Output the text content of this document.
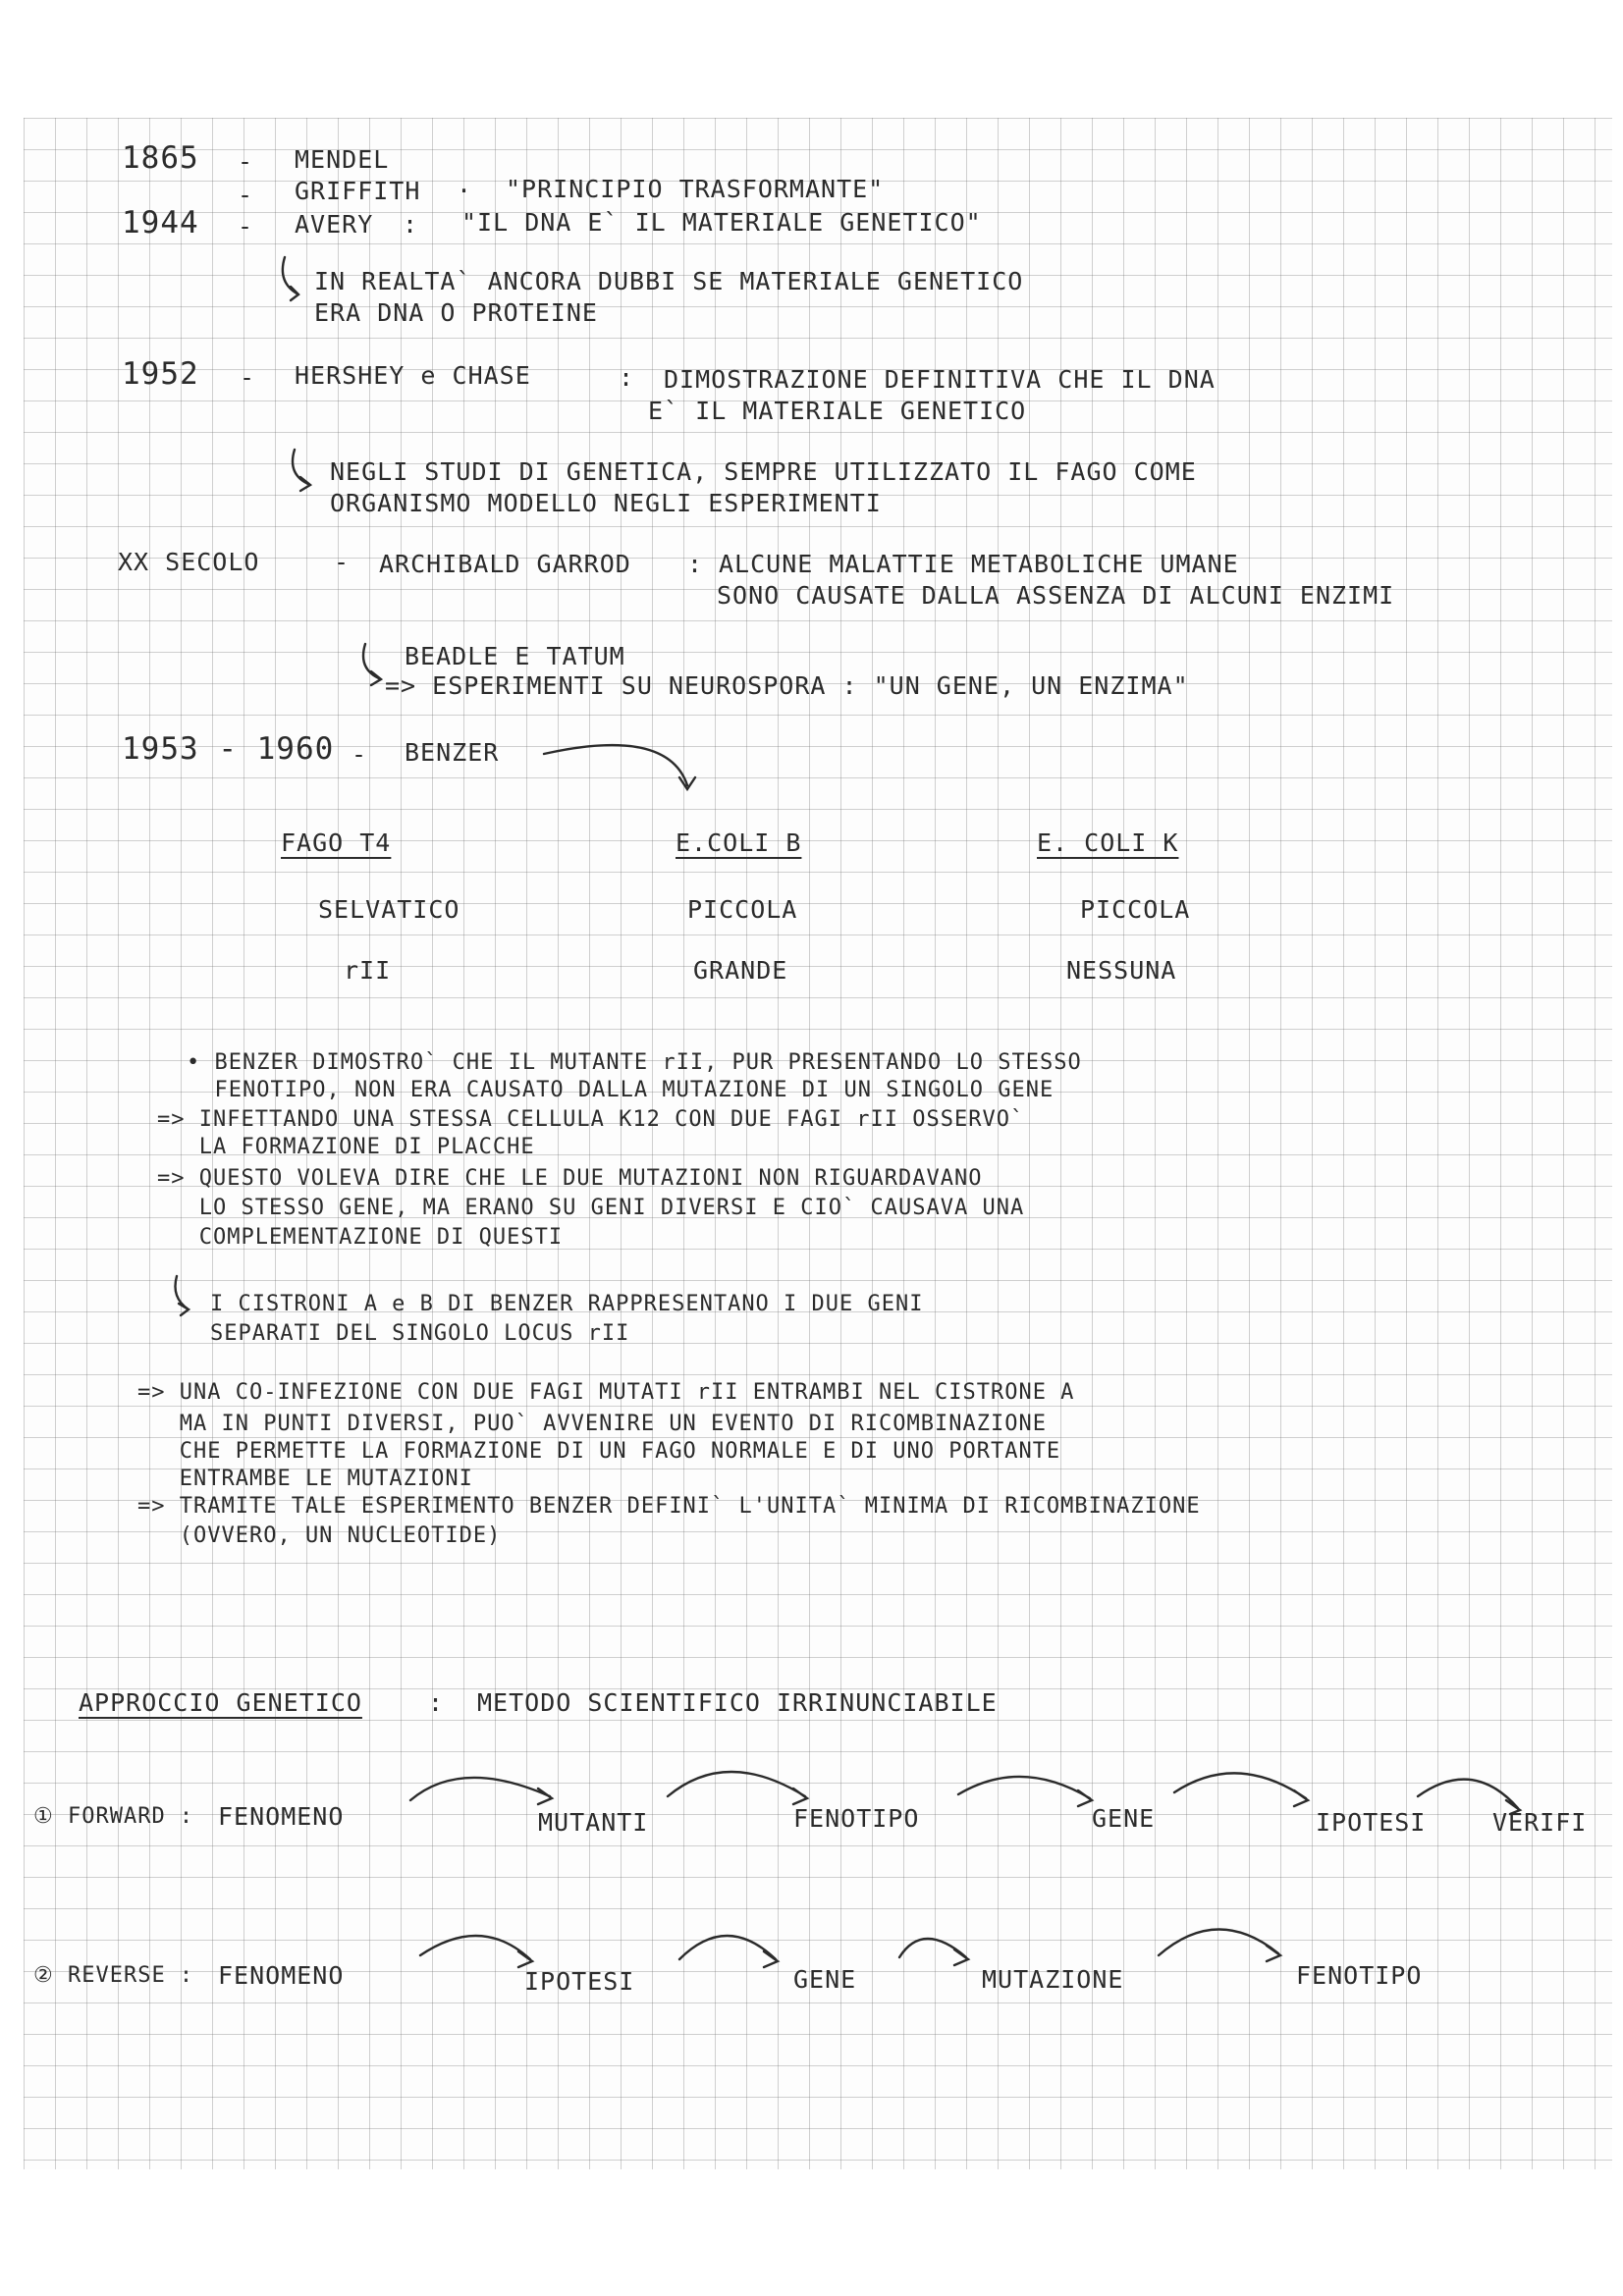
1865 - MENDEL
- GRIFFITH · "PRINCIPIO TRASFORMANTE"
1944 - AVERY : "IL DNA E` IL MATERIALE GENETICO"
IN REALTA` ANCORA DUBBI SE MATERIALE GENETICO
ERA DNA O PROTEINE
1952 - HERSHEY e CHASE	: DIMOSTRAZIONE DEFINITIVA CHE IL DNA
E` IL MATERIALE GENETICO
NEGLI STUDI DI GENETICA, SEMPRE UTILIZZATO IL FAGO COME
ORGANISMO MODELLO NEGLI ESPERIMENTI
XX SECOLO	- ARCHIBALD GARROD : ALCUNE MALATTIE METABOLICHE UMANE
SONO CAUSATE DALLA ASSENZA DI ALCUNI ENZIMI
BEADLE E TATUM
=> ESPERIMENTI SU NEUROSPORA : "UN GENE, UN ENZIMA"
1953 - 1960 - BENZER
FAGO T4	E.COLI B	E. COLI K
SELVATICO	PICCOLA	PICCOLA
rII	GRANDE	NESSUNA
• BENZER DIMOSTRO` CHE IL MUTANTE rII, PUR PRESENTANDO LO STESSO
FENOTIPO, NON ERA CAUSATO DALLA MUTAZIONE DI UN SINGOLO GENE
=> INFETTANDO UNA STESSA CELLULA K12 CON DUE FAGI rII OSSERVO`
LA FORMAZIONE DI PLACCHE
=> QUESTO VOLEVA DIRE CHE LE DUE MUTAZIONI NON RIGUARDAVANO
LO STESSO GENE, MA ERANO SU GENI DIVERSI E CIO` CAUSAVA UNA
COMPLEMENTAZIONE DI QUESTI
I CISTRONI A e B DI BENZER RAPPRESENTANO I DUE GENI
SEPARATI DEL SINGOLO LOCUS rII
=> UNA CO-INFEZIONE CON DUE FAGI MUTATI rII ENTRAMBI NEL CISTRONE A
MA IN PUNTI DIVERSI, PUO` AVVENIRE UN EVENTO DI RICOMBINAZIONE
CHE PERMETTE LA FORMAZIONE DI UN FAGO NORMALE E DI UNO PORTANTE
ENTRAMBE LE MUTAZIONI
=> TRAMITE TALE ESPERIMENTO BENZER DEFINI` L'UNITA` MINIMA DI RICOMBINAZIONE
(OVVERO, UN NUCLEOTIDE)
APPROCCIO GENETICO	: METODO SCIENTIFICO IRRINUNCIABILE
① FORWARD : FENOMENO	MUTANTI	FENOTIPO	GENE	IPOTESI	VERIFI
② REVERSE : FENOMENO	IPOTESI	GENE	MUTAZIONE	FENOTIPO
